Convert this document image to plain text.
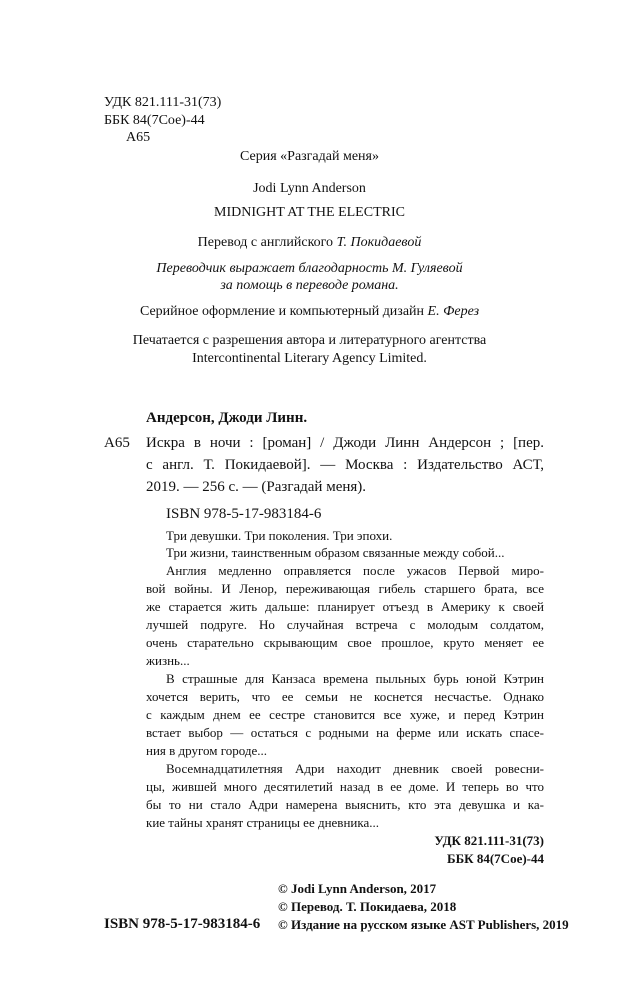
УДК 821.111-31(73)
ББК 84(7Сое)-44
А65
Серия «Разгадай меня»
Jodi Lynn Anderson
MIDNIGHT AT THE ELECTRIC
Перевод с английского Т. Покидаевой
Переводчик выражает благодарность М. Гуляевой
за помощь в переводе романа.
Серийное оформление и компьютерный дизайн Е. Ферез
Печатается с разрешения автора и литературного агентства
Intercontinental Literary Agency Limited.
Андерсон, Джоди Линн.
А65 Искра в ночи : [роман] / Джоди Линн Андерсон ; [пер.
с англ. Т. Покидаевой]. — Москва : Издательство АСТ,
2019. — 256 с. — (Разгадай меня).
ISBN 978-5-17-983184-6
Три девушки. Три поколения. Три эпохи.
Три жизни, таинственным образом связанные между собой...
Англия медленно оправляется после ужасов Первой миро-
вой войны. И Ленор, переживающая гибель старшего брата, все
же старается жить дальше: планирует отъезд в Америку к своей
лучшей подруге. Но случайная встреча с молодым солдатом,
очень старательно скрывающим свое прошлое, круто меняет ее
жизнь...
В страшные для Канзаса времена пыльных бурь юной Кэтрин
хочется верить, что ее семьи не коснется несчастье. Однако
с каждым днем ее сестре становится все хуже, и перед Кэтрин
встает выбор — остаться с родными на ферме или искать спасе-
ния в другом городе...
Восемнадцатилетняя Адри находит дневник своей ровесни-
цы, жившей много десятилетий назад в ее доме. И теперь во что
бы то ни стало Адри намерена выяснить, кто эта девушка и ка-
кие тайны хранят страницы ее дневника...
УДК 821.111-31(73)
ББК 84(7Сое)-44
© Jodi Lynn Anderson, 2017
© Перевод. Т. Покидаева, 2018
ISBN 978-5-17-983184-6 © Издание на русском языке AST Publishers, 2019
